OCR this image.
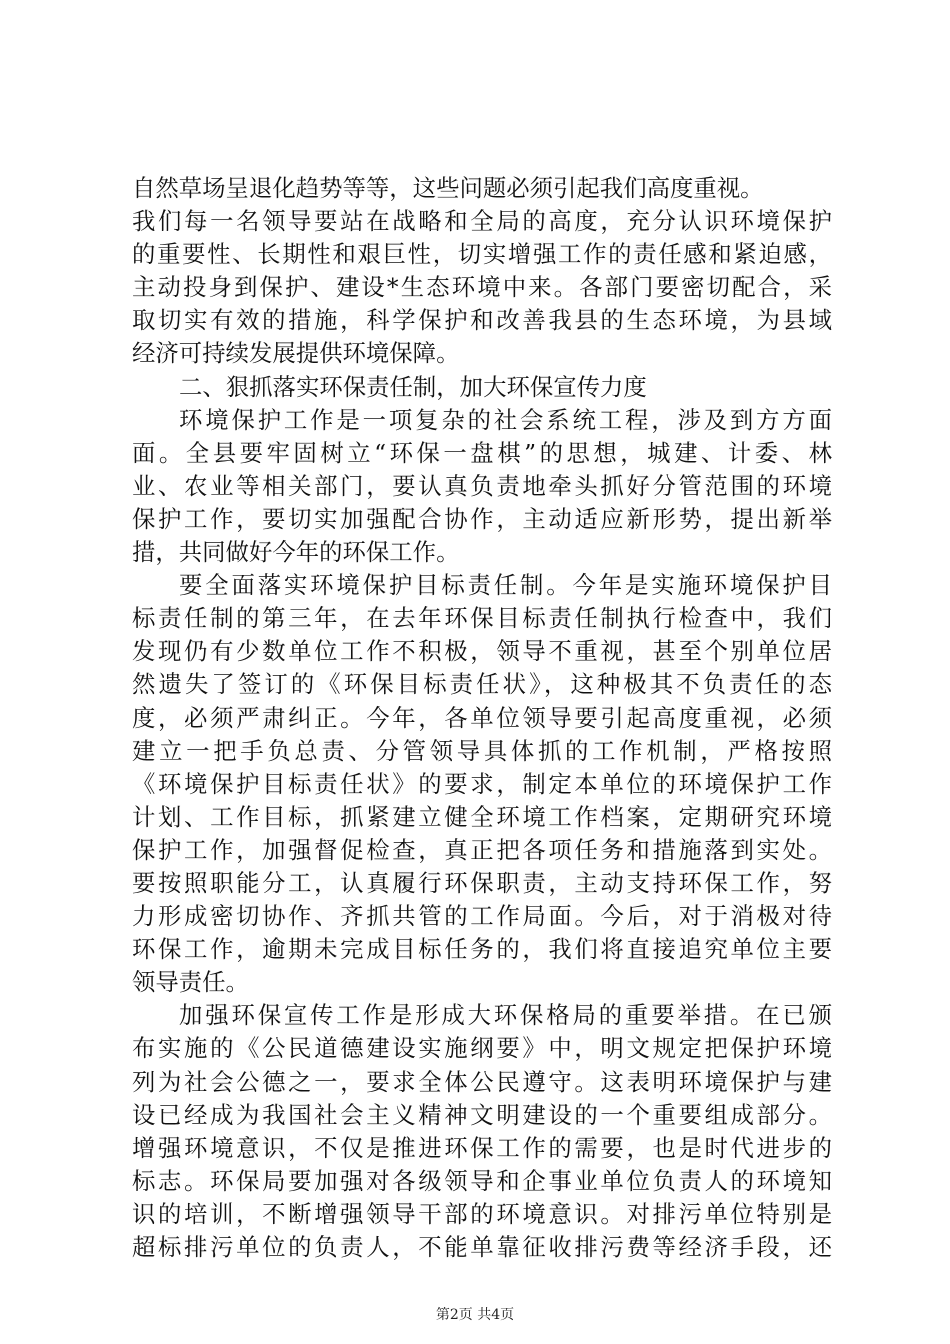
自然草场呈退化趋势等等，这些问题必须引起我们高度重视。
我们每一名领导要站在战略和全局的高度，充分认识环境保护
的重要性、长期性和艰巨性，切实增强工作的责任感和紧迫感，
主动投身到保护、建设*生态环境中来。各部门要密切配合，采
取切实有效的措施，科学保护和改善我县的生态环境，为县域
经济可持续发展提供环境保障。
二、狠抓落实环保责任制，加大环保宣传力度
环境保护工作是一项复杂的社会系统工程，涉及到方方面
面。全县要牢固树立“环保一盘棋”的思想，城建、计委、林
业、农业等相关部门，要认真负责地牵头抓好分管范围的环境
保护工作，要切实加强配合协作，主动适应新形势，提出新举
措，共同做好今年的环保工作。
要全面落实环境保护目标责任制。今年是实施环境保护目
标责任制的第三年，在去年环保目标责任制执行检查中，我们
发现仍有少数单位工作不积极，领导不重视，甚至个别单位居
然遗失了签订的《环保目标责任状》，这种极其不负责任的态
度，必须严肃纠正。今年，各单位领导要引起高度重视，必须
建立一把手负总责、分管领导具体抓的工作机制，严格按照
《环境保护目标责任状》的要求，制定本单位的环境保护工作
计划、工作目标，抓紧建立健全环境工作档案，定期研究环境
保护工作，加强督促检查，真正把各项任务和措施落到实处。
要按照职能分工，认真履行环保职责，主动支持环保工作，努
力形成密切协作、齐抓共管的工作局面。今后，对于消极对待
环保工作，逾期未完成目标任务的，我们将直接追究单位主要
领导责任。
加强环保宣传工作是形成大环保格局的重要举措。在已颁
布实施的《公民道德建设实施纲要》中，明文规定把保护环境
列为社会公德之一，要求全体公民遵守。这表明环境保护与建
设已经成为我国社会主义精神文明建设的一个重要组成部分。
增强环境意识，不仅是推进环保工作的需要，也是时代进步的
标志。环保局要加强对各级领导和企事业单位负责人的环境知
识的培训，不断增强领导干部的环境意识。对排污单位特别是
超标排污单位的负责人，不能单靠征收排污费等经济手段，还
第2页 共4页
